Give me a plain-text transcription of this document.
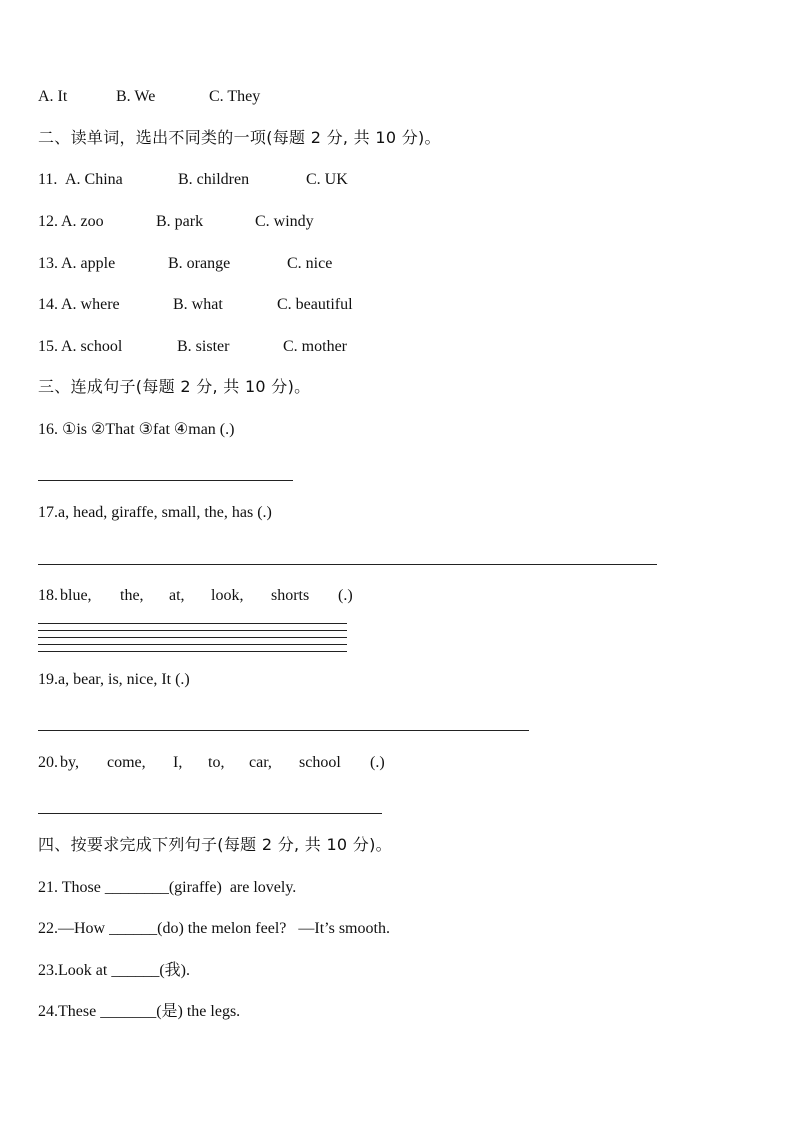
A. It

	B. We

	C. They

二、读单词，选出不同类的一项(每题 2 分, 共 10 分)。

11.

A. China

	B. children

	C. UK

12.

A. zoo

	B. park

	C. windy

13.

A. apple

	B. orange

	C. nice

14.

A. where

	B. what

	C. beautiful

15.

A. school

	B. sister

	C. mother

三、连成句子(每题 2 分, 共 10 分)。
16. ①is ②That ③fat ④man (.)
17.a, head, giraffe, small, the, has (.)

18.

blue,

the,

at,

look,

shorts

(.)

19.a, bear, is, nice, It (.)

20.

by,

come,

I,

to,

car,

school

(.)

四、按要求完成下列句子(每题 2 分, 共 10 分)。
21. Those ________(giraffe)  are lovely.
22.—How ______(do) the melon feel?   —It’s smooth.
23.Look at ______(我).
24.These _______(是) the legs.
